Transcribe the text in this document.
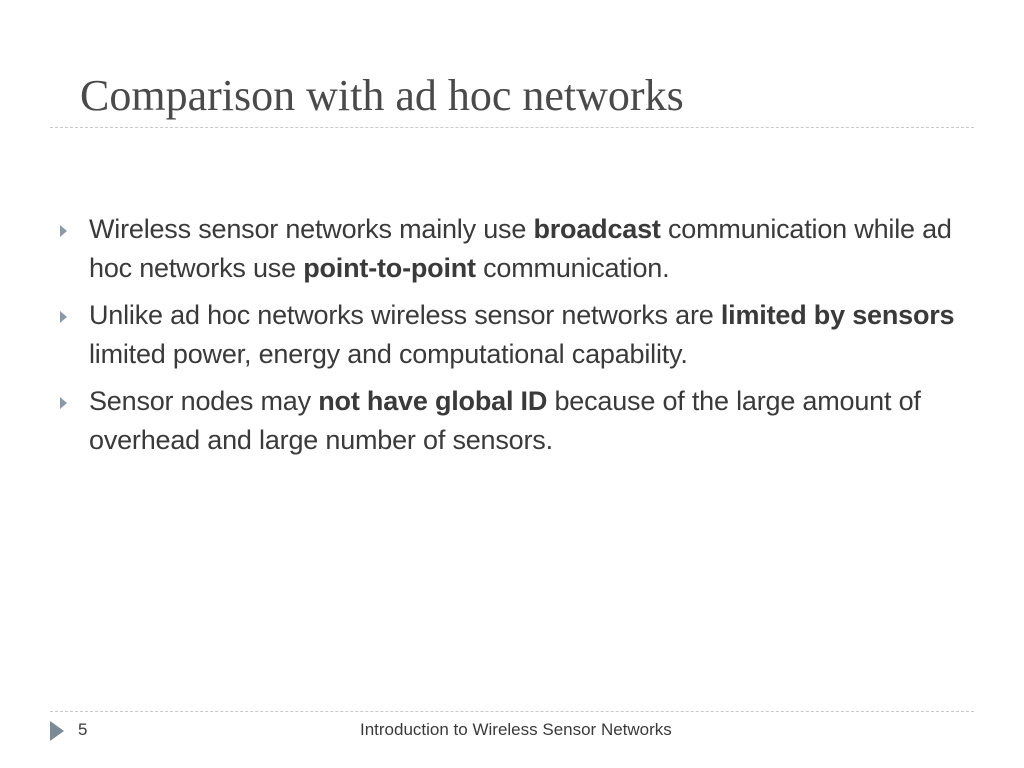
Comparison with ad hoc networks
Wireless sensor networks mainly use broadcast communication while ad hoc networks use point-to-point communication.
Unlike ad hoc networks wireless sensor networks are limited by sensors limited power, energy and computational capability.
Sensor nodes may not have global ID because of the large amount of overhead and large number of sensors.
5	Introduction to Wireless Sensor Networks
